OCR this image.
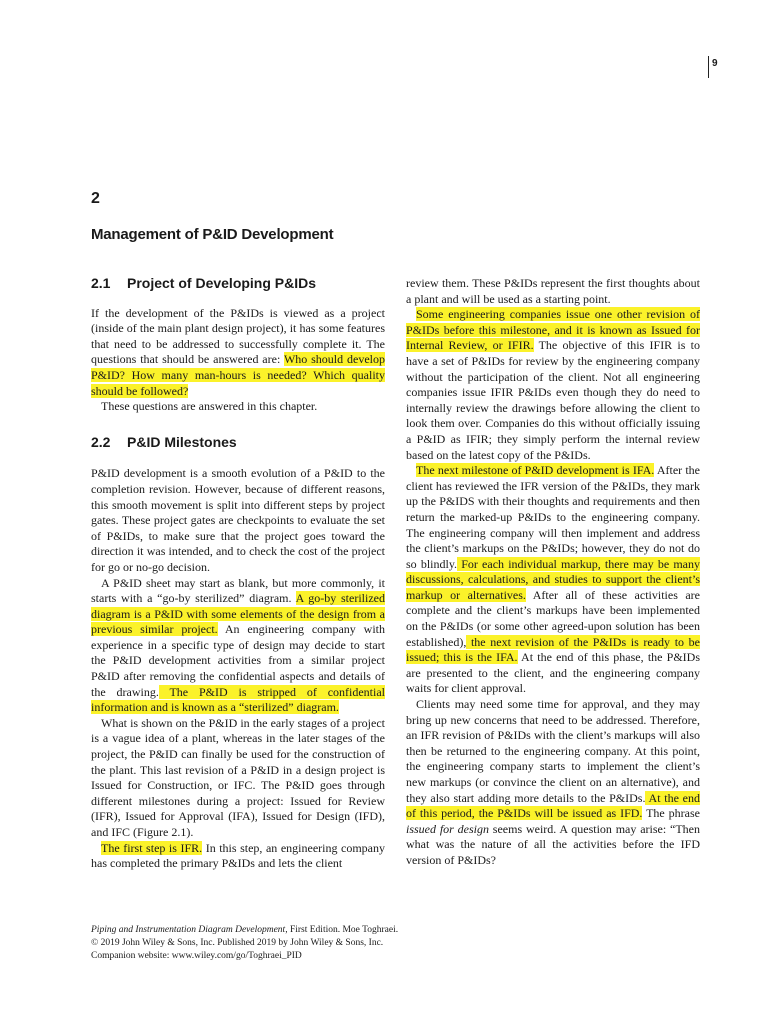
9
2
Management of P&ID Development
2.1 Project of Developing P&IDs

If the development of the P&IDs is viewed as a project (inside of the main plant design project), it has some features that need to be addressed to successfully complete it. The questions that should be answered are: Who should develop P&ID? How many man-hours is needed? Which quality should be followed?

These questions are answered in this chapter.

2.2 P&ID Milestones

P&ID development is a smooth evolution of a P&ID to the completion revision. However, because of different reasons, this smooth movement is split into different steps by project gates. These project gates are checkpoints to evaluate the set of P&IDs, to make sure that the project goes toward the direction it was intended, and to check the cost of the project for go or no-go decision.

A P&ID sheet may start as blank, but more commonly, it starts with a “go-by sterilized” diagram. A go-by sterilized diagram is a P&ID with some elements of the design from a previous similar project. An engineering company with experience in a specific type of design may decide to start the P&ID development activities from a similar project P&ID after removing the confidential aspects and details of the drawing. The P&ID is stripped of confidential information and is known as a “sterilized” diagram.

What is shown on the P&ID in the early stages of a project is a vague idea of a plant, whereas in the later stages of the project, the P&ID can finally be used for the construction of the plant. This last revision of a P&ID in a design project is Issued for Construction, or IFC. The P&ID goes through different milestones during a project: Issued for Review (IFR), Issued for Approval (IFA), Issued for Design (IFD), and IFC (Figure 2.1).

The first step is IFR. In this step, an engineering company has completed the primary P&IDs and lets the client

review them. These P&IDs represent the first thoughts about a plant and will be used as a starting point.

Some engineering companies issue one other revision of P&IDs before this milestone, and it is known as Issued for Internal Review, or IFIR. The objective of this IFIR is to have a set of P&IDs for review by the engineering company without the participation of the client. Not all engineering companies issue IFIR P&IDs even though they do need to internally review the drawings before allowing the client to look them over. Companies do this without officially issuing a P&ID as IFIR; they simply perform the internal review based on the latest copy of the P&IDs.

The next milestone of P&ID development is IFA. After the client has reviewed the IFR version of the P&IDs, they mark up the P&IDS with their thoughts and requirements and then return the marked-up P&IDs to the engineering company. The engineering company will then implement and address the client’s markups on the P&IDs; however, they do not do so blindly. For each individual markup, there may be many discussions, calculations, and studies to support the client’s markup or alternatives. After all of these activities are complete and the client’s markups have been implemented on the P&IDs (or some other agreed-upon solution has been established), the next revision of the P&IDs is ready to be issued; this is the IFA. At the end of this phase, the P&IDs are presented to the client, and the engineering company waits for client approval.

Clients may need some time for approval, and they may bring up new concerns that need to be addressed. Therefore, an IFR revision of P&IDs with the client’s markups will also then be returned to the engineering company. At this point, the engineering company starts to implement the client’s new markups (or convince the client on an alternative), and they also start adding more details to the P&IDs. At the end of this period, the P&IDs will be issued as IFD. The phrase issued for design seems weird. A question may arise: “Then what was the nature of all the activities before the IFD version of P&IDs?

Piping and Instrumentation Diagram Development, First Edition. Moe Toghraei.
© 2019 John Wiley & Sons, Inc. Published 2019 by John Wiley & Sons, Inc.
Companion website: www.wiley.com/go/Toghraei_PID
